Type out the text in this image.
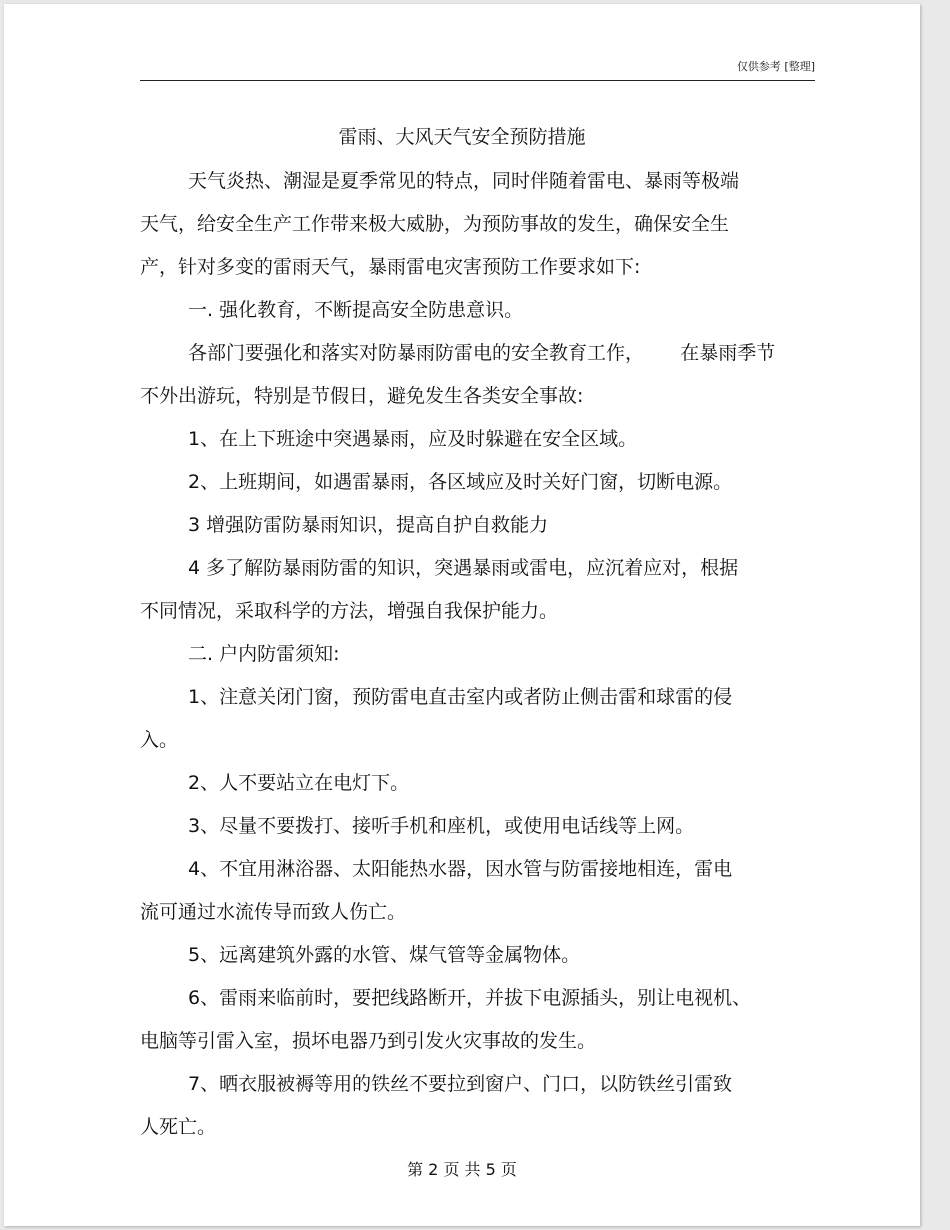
仅供参考 [整理]
雷雨、大风天气安全预防措施
天气炎热、潮湿是夏季常见的特点，同时伴随着雷电、暴雨等极端
天气，给安全生产工作带来极大威胁，为预防事故的发生，确保安全生
产，针对多变的雷雨天气，暴雨雷电灾害预防工作要求如下:
一. 强化教育，不断提高安全防患意识。
各部门要强化和落实对防暴雨防雷电的安全教育工作，      在暴雨季节
不外出游玩，特别是节假日，避免发生各类安全事故:
1、在上下班途中突遇暴雨，应及时躲避在安全区域。
2、上班期间，如遇雷暴雨，各区域应及时关好门窗，切断电源。
3 增强防雷防暴雨知识，提高自护自救能力
4 多了解防暴雨防雷的知识，突遇暴雨或雷电，应沉着应对，根据
不同情况，采取科学的方法，增强自我保护能力。
二. 户内防雷须知:
1、注意关闭门窗，预防雷电直击室内或者防止侧击雷和球雷的侵
入。
2、人不要站立在电灯下。
3、尽量不要拨打、接听手机和座机，或使用电话线等上网。
4、不宜用淋浴器、太阳能热水器，因水管与防雷接地相连，雷电
流可通过水流传导而致人伤亡。
5、远离建筑外露的水管、煤气管等金属物体。
6、雷雨来临前时，要把线路断开，并拔下电源插头，别让电视机、
电脑等引雷入室，损坏电器乃到引发火灾事故的发生。
7、晒衣服被褥等用的铁丝不要拉到窗户、门口，以防铁丝引雷致
人死亡。
第 2 页 共 5 页
